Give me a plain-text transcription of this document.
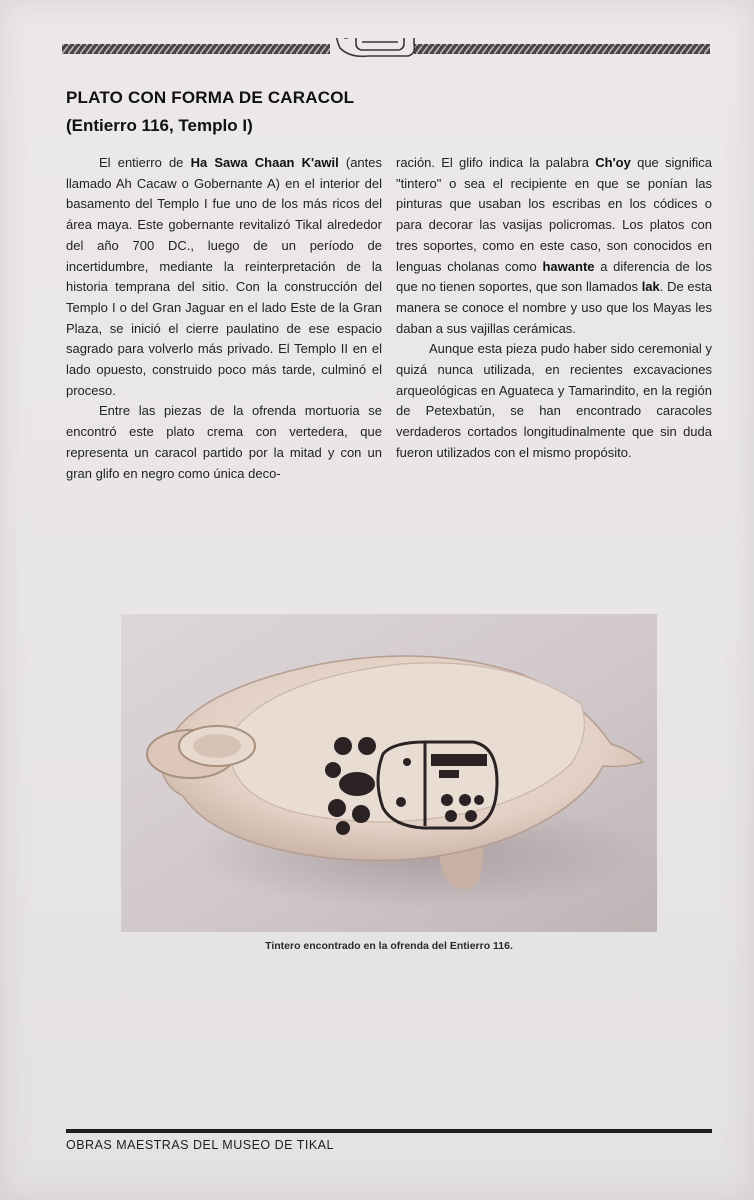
PLATO CON FORMA DE CARACOL
(Entierro 116, Templo I)

El entierro de Ha Sawa Chaan K'awil (antes llamado Ah Cacaw o Gobernante A) en el interior del basamento del Templo I fue uno de los más ricos del área maya. Este gobernante revitalizó Tikal alrededor del año 700 DC., luego de un período de incertidumbre, mediante la reinterpretación de la historia temprana del sitio. Con la construcción del Templo I o del Gran Jaguar en el lado Este de la Gran Plaza, se inició el cierre paulatino de ese espacio sagrado para volverlo más privado. El Templo II en el lado opuesto, construido poco más tarde, culminó el proceso.

Entre las piezas de la ofrenda mortuoria se encontró este plato crema con vertedera, que representa un caracol partido por la mitad y con un gran glifo en negro como única deco-

ración. El glifo indica la palabra Ch'oy que significa "tintero" o sea el recipiente en que se ponían las pinturas que usaban los escribas en los códices o para decorar las vasijas policromas. Los platos con tres soportes, como en este caso, son conocidos en lenguas cholanas como hawante a diferencia de los que no tienen soportes, que son llamados lak. De esta manera se conoce el nombre y uso que los Mayas les daban a sus vajillas cerámicas.

Aunque esta pieza pudo haber sido ceremonial y quizá nunca utilizada, en recientes excavaciones arqueológicas en Aguateca y Tamarindito, en la región de Petexbatún, se han encontrado caracoles verdaderos cortados longitudinalmente que sin duda fueron utilizados con el mismo propósito.

Tintero encontrado en la ofrenda del Entierro 116.

OBRAS MAESTRAS DEL MUSEO DE TIKAL
